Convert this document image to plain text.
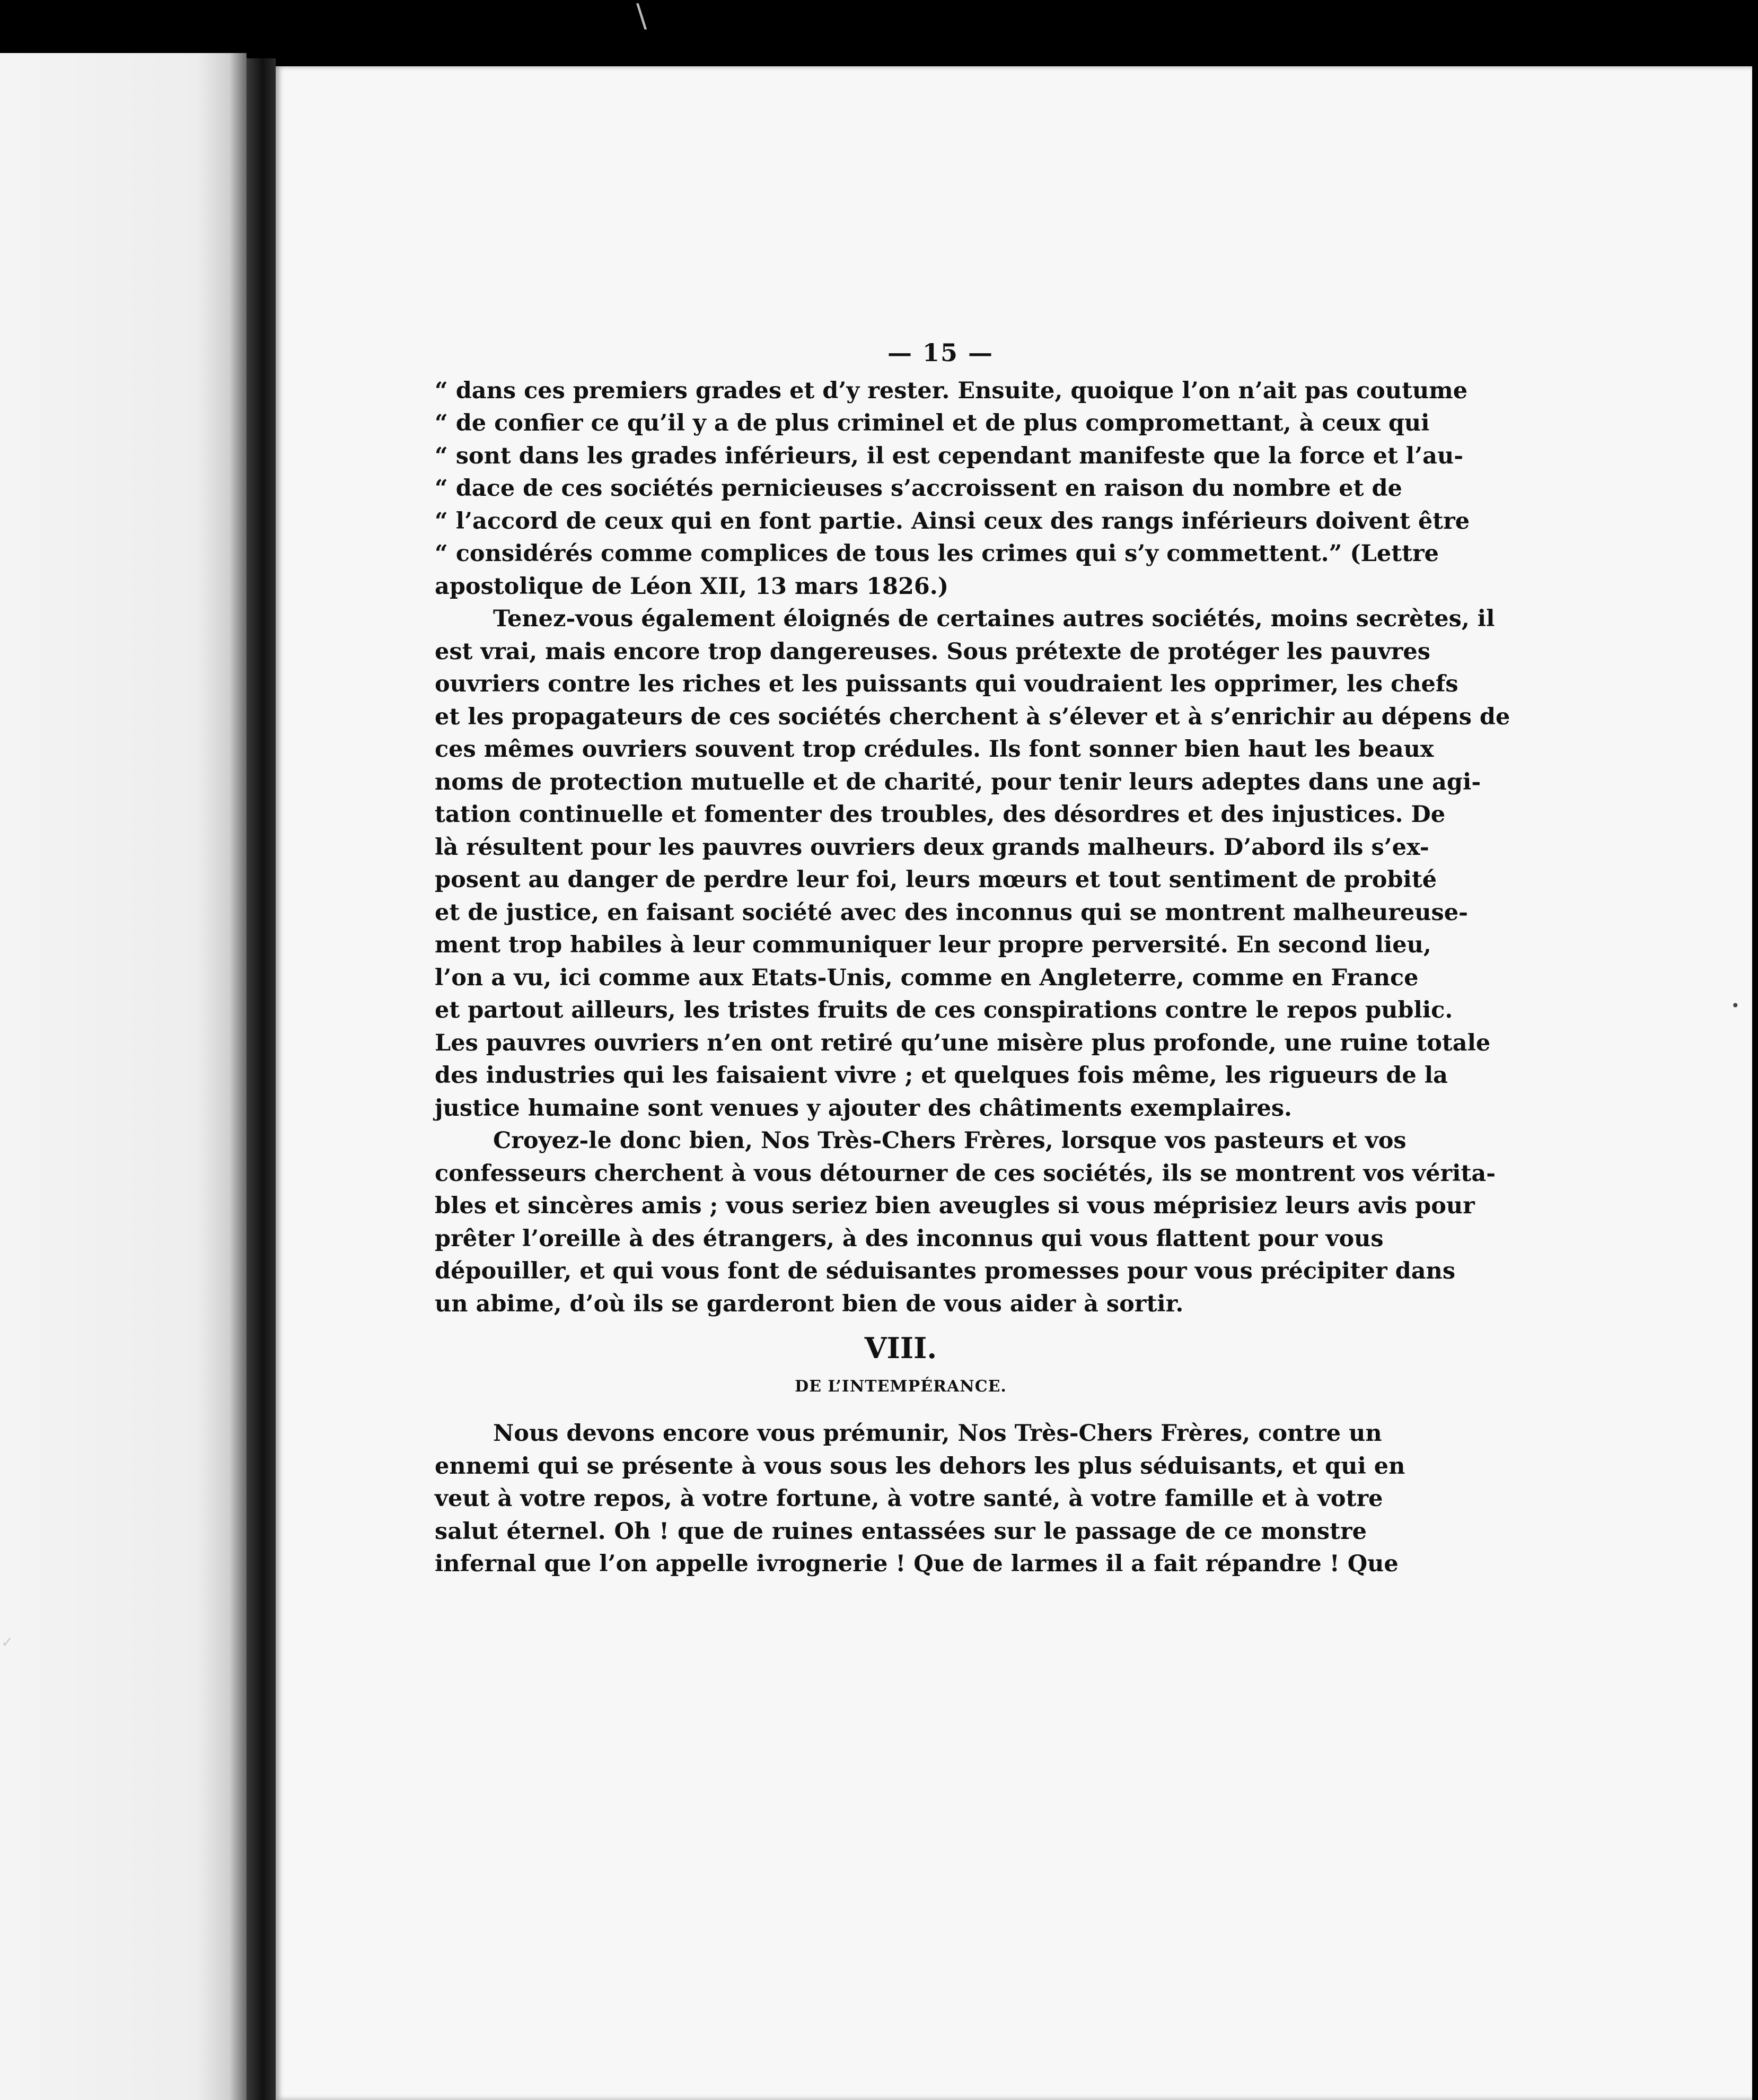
\
•
✓
— 15 —
“ dans ces premiers grades et d’y rester. Ensuite, quoique l’on n’ait pas coutume
“ de confier ce qu’il y a de plus criminel et de plus compromettant, à ceux qui
“ sont dans les grades inférieurs, il est cependant manifeste que la force et l’au-
“ dace de ces sociétés pernicieuses s’accroissent en raison du nombre et de
“ l’accord de ceux qui en font partie. Ainsi ceux des rangs inférieurs doivent être
“ considérés comme complices de tous les crimes qui s’y commettent.” (Lettre
apostolique de Léon XII, 13 mars 1826.)
Tenez-vous également éloignés de certaines autres sociétés, moins secrètes, il
est vrai, mais encore trop dangereuses. Sous prétexte de protéger les pauvres
ouvriers contre les riches et les puissants qui voudraient les opprimer, les chefs
et les propagateurs de ces sociétés cherchent à s’élever et à s’enrichir au dépens de
ces mêmes ouvriers souvent trop crédules. Ils font sonner bien haut les beaux
noms de protection mutuelle et de charité, pour tenir leurs adeptes dans une agi-
tation continuelle et fomenter des troubles, des désordres et des injustices. De
là résultent pour les pauvres ouvriers deux grands malheurs. D’abord ils s’ex-
posent au danger de perdre leur foi, leurs mœurs et tout sentiment de probité
et de justice, en faisant société avec des inconnus qui se montrent malheureuse-
ment trop habiles à leur communiquer leur propre perversité. En second lieu,
l’on a vu, ici comme aux Etats-Unis, comme en Angleterre, comme en France
et partout ailleurs, les tristes fruits de ces conspirations contre le repos public.
Les pauvres ouvriers n’en ont retiré qu’une misère plus profonde, une ruine totale
des industries qui les faisaient vivre ; et quelques fois même, les rigueurs de la
justice humaine sont venues y ajouter des châtiments exemplaires.
Croyez-le donc bien, Nos Très-Chers Frères, lorsque vos pasteurs et vos
confesseurs cherchent à vous détourner de ces sociétés, ils se montrent vos vérita-
bles et sincères amis ; vous seriez bien aveugles si vous méprisiez leurs avis pour
prêter l’oreille à des étrangers, à des inconnus qui vous flattent pour vous
dépouiller, et qui vous font de séduisantes promesses pour vous précipiter dans
un abime, d’où ils se garderont bien de vous aider à sortir.
VIII.
DE L’INTEMPÉRANCE.
Nous devons encore vous prémunir, Nos Très-Chers Frères, contre un
ennemi qui se présente à vous sous les dehors les plus séduisants, et qui en
veut à votre repos, à votre fortune, à votre santé, à votre famille et à votre
salut éternel. Oh ! que de ruines entassées sur le passage de ce monstre
infernal que l’on appelle ivrognerie ! Que de larmes il a fait répandre ! Que
